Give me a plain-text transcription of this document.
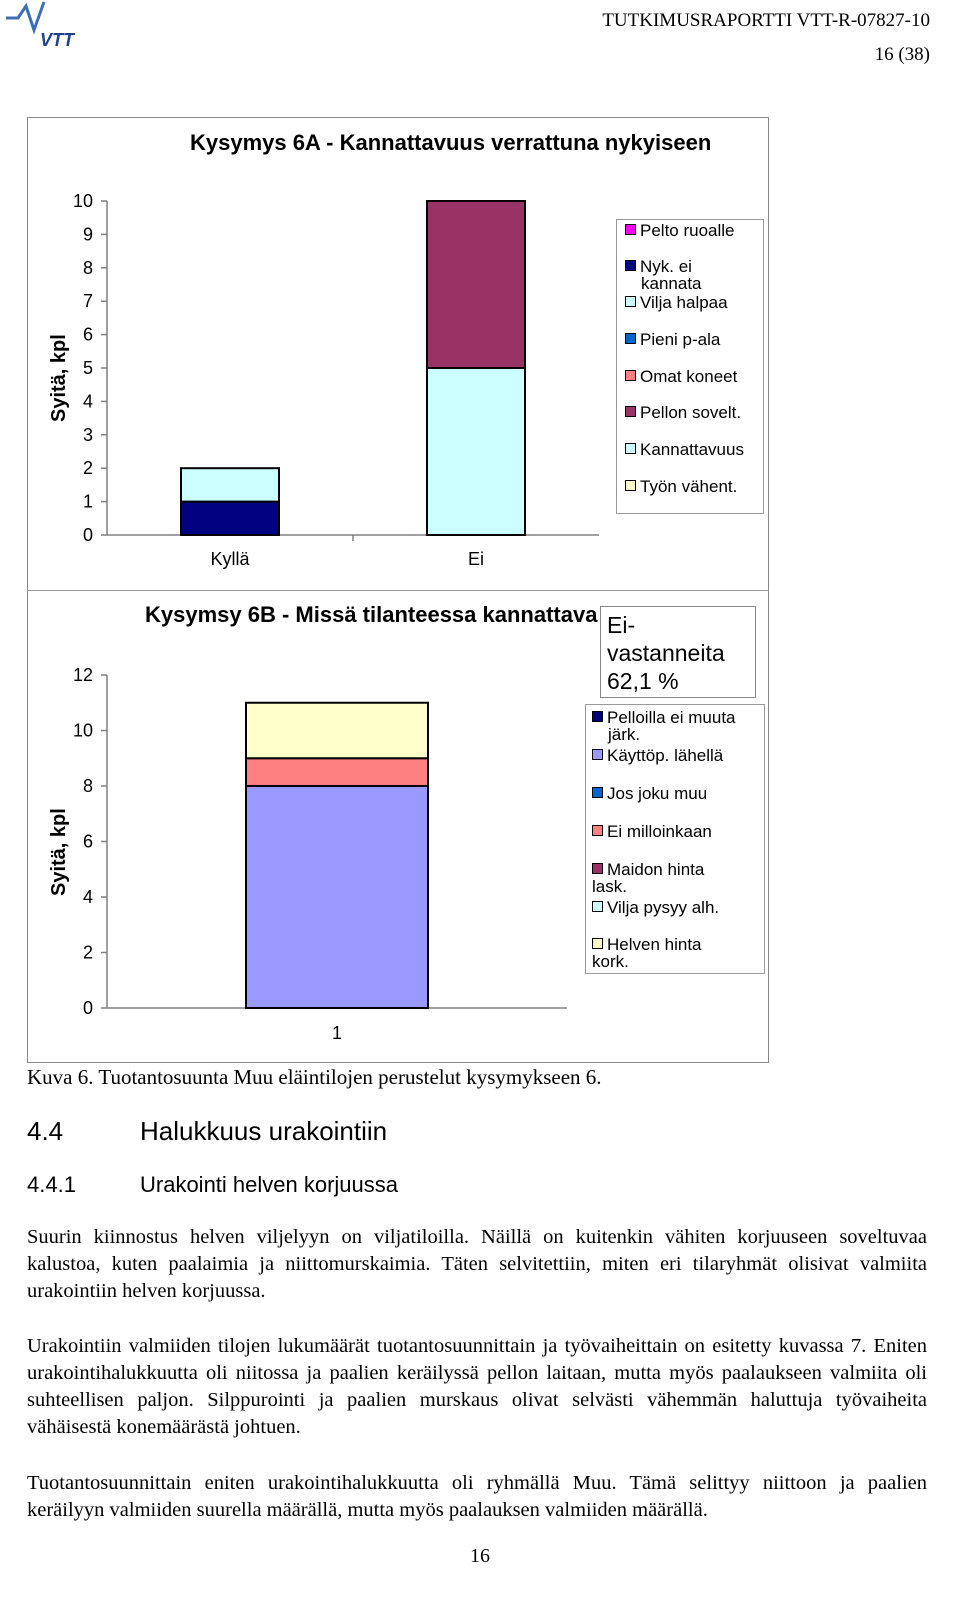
VTT
TUTKIMUSRAPORTTI VTT-R-07827-10
16 (38)
Kysymys 6A - Kannattavuus verrattuna nykyiseen
Syitä, kpl
0
1
2
3
4
5
6
7
8
9
10
Kyllä	Ei
Pelto ruoalle
Nyk. ei
kannata
Vilja halpaa
Pieni p-ala
Omat koneet
Pellon sovelt.
Kannattavuus
Työn vähent.
Kysymsy 6B - Missä tilanteessa kannattava Ei-
vastanneita
62,1 %
Syitä, kpl
0
2
4
6
8
10
12
1
Pelloilla ei muuta
järk.
Käyttöp. lähellä
Jos joku muu
Ei milloinkaan
Maidon hinta lask.
Vilja pysyy alh.
Helven hinta kork.
Kuva 6. Tuotantosuunta Muu eläintilojen perustelut kysymykseen 6.
4.4	Halukkuus urakointiin
4.4.1	Urakointi helven korjuussa
Suurin kiinnostus helven viljelyyn on viljatiloilla. Näillä on kuitenkin vähiten korjuuseen soveltuvaa kalustoa, kuten paalaimia ja niittomurskaimia. Täten selvitettiin, miten eri tilaryhmät olisivat valmiita urakointiin helven korjuussa.
Urakointiin valmiiden tilojen lukumäärät tuotantosuunnittain ja työvaiheittain on esitetty kuvassa 7. Eniten urakointihalukkuutta oli niitossa ja paalien keräilyssä pellon laitaan, mutta myös paalaukseen valmiita oli suhteellisen paljon. Silppurointi ja paalien murskaus olivat selvästi vähemmän haluttuja työvaiheita vähäisestä konemäärästä johtuen.
Tuotantosuunnittain eniten urakointihalukkuutta oli ryhmällä Muu. Tämä selittyy niittoon ja paalien keräilyyn valmiiden suurella määrällä, mutta myös paalauksen valmiiden määrällä.
16
